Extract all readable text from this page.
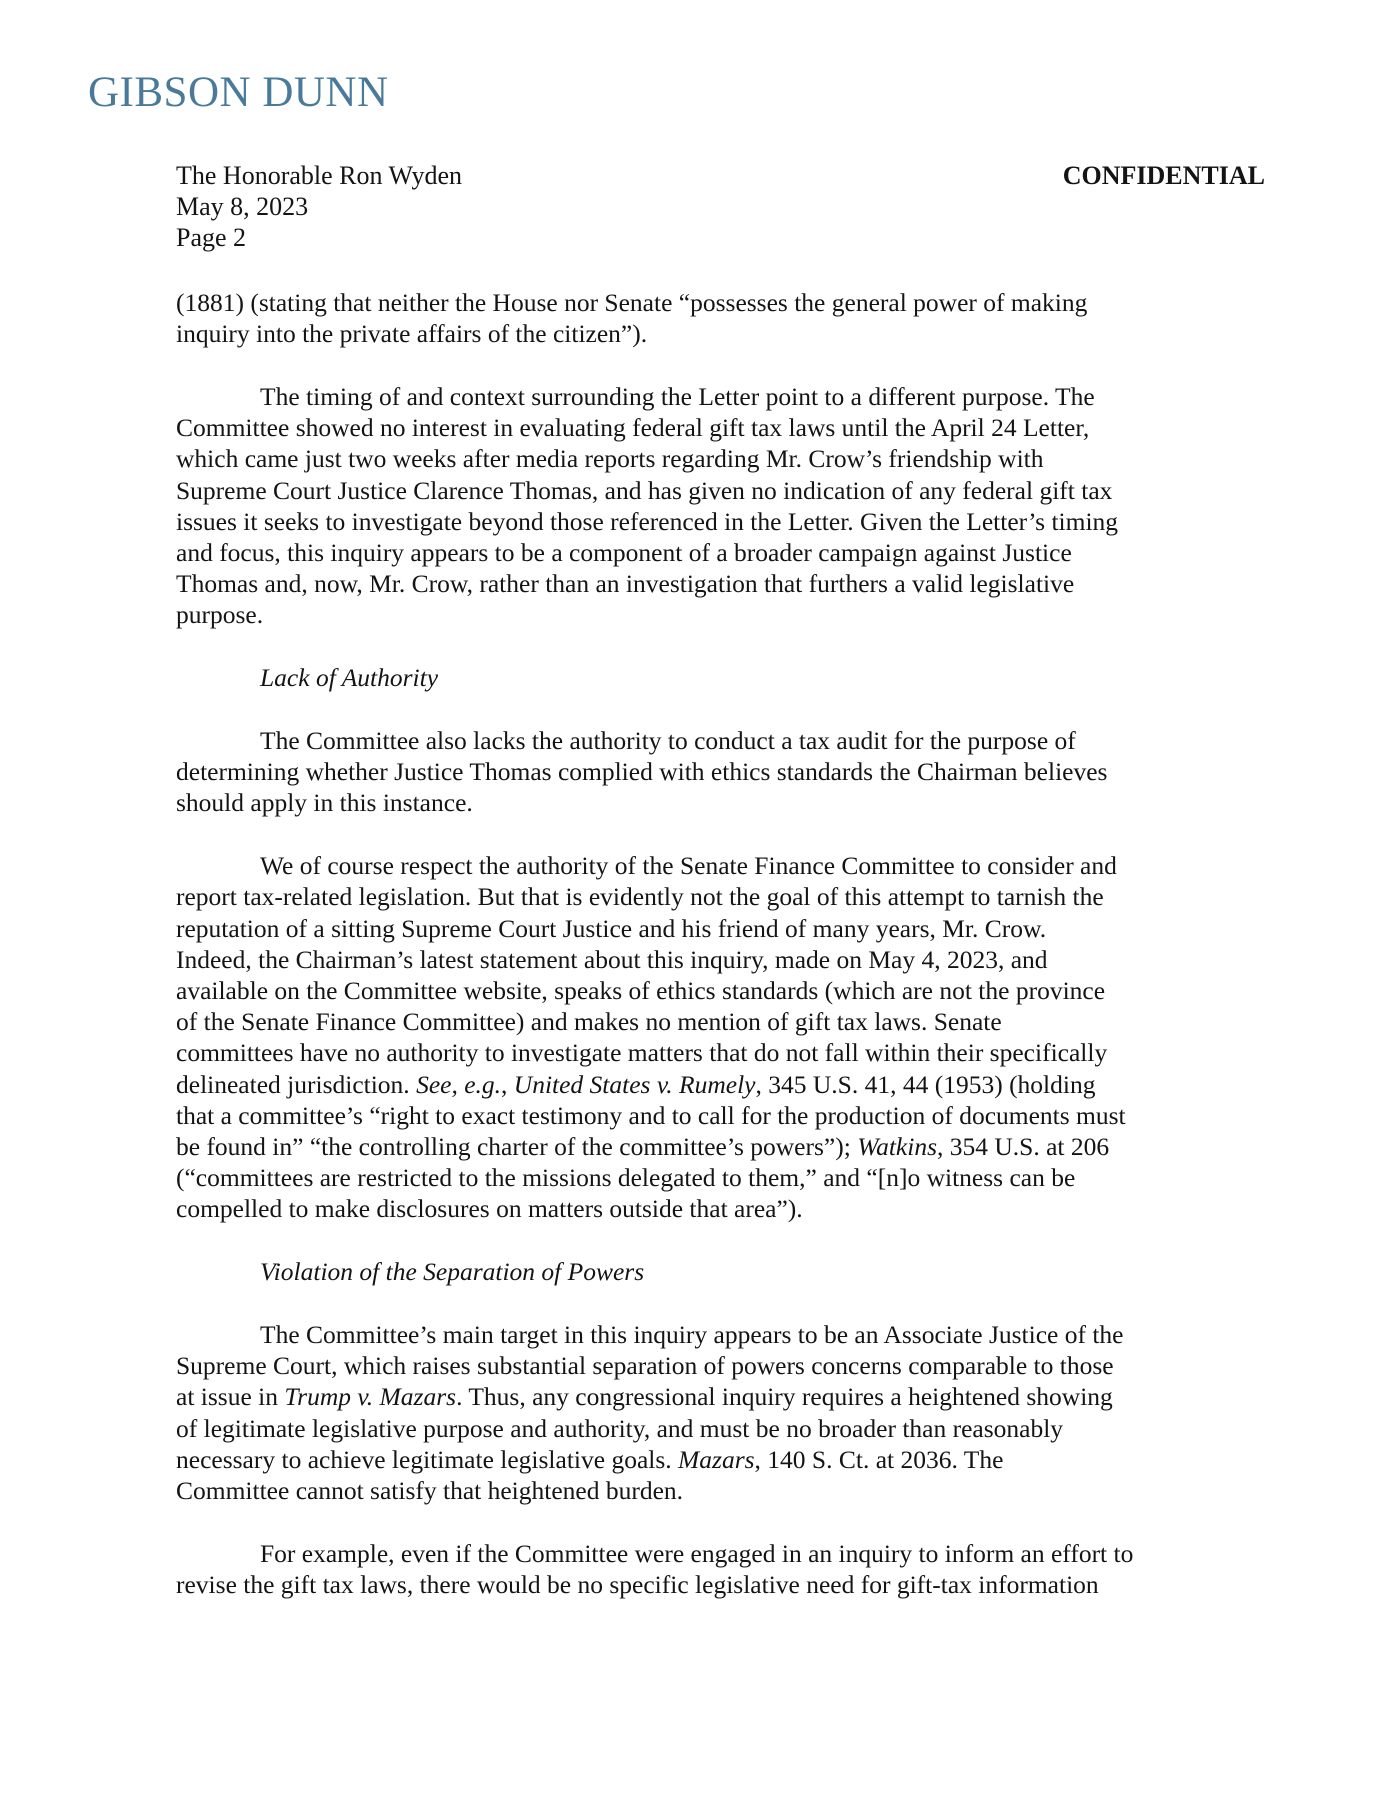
GIBSON DUNN
The Honorable Ron Wyden
May 8, 2023
Page 2
CONFIDENTIAL

(1881) (stating that neither the House nor Senate “possesses the general power of making
inquiry into the private affairs of the citizen”).

The timing of and context surrounding the Letter point to a different purpose. The
Committee showed no interest in evaluating federal gift tax laws until the April 24 Letter,
which came just two weeks after media reports regarding Mr. Crow’s friendship with
Supreme Court Justice Clarence Thomas, and has given no indication of any federal gift tax
issues it seeks to investigate beyond those referenced in the Letter. Given the Letter’s timing
and focus, this inquiry appears to be a component of a broader campaign against Justice
Thomas and, now, Mr. Crow, rather than an investigation that furthers a valid legislative
purpose.

Lack of Authority

The Committee also lacks the authority to conduct a tax audit for the purpose of
determining whether Justice Thomas complied with ethics standards the Chairman believes
should apply in this instance.

We of course respect the authority of the Senate Finance Committee to consider and
report tax-related legislation. But that is evidently not the goal of this attempt to tarnish the
reputation of a sitting Supreme Court Justice and his friend of many years, Mr. Crow.
Indeed, the Chairman’s latest statement about this inquiry, made on May 4, 2023, and
available on the Committee website, speaks of ethics standards (which are not the province
of the Senate Finance Committee) and makes no mention of gift tax laws. Senate
committees have no authority to investigate matters that do not fall within their specifically
delineated jurisdiction. See, e.g., United States v. Rumely, 345 U.S. 41, 44 (1953) (holding
that a committee’s “right to exact testimony and to call for the production of documents must
be found in” “the controlling charter of the committee’s powers”); Watkins, 354 U.S. at 206
(“committees are restricted to the missions delegated to them,” and “[n]o witness can be
compelled to make disclosures on matters outside that area”).

Violation of the Separation of Powers

The Committee’s main target in this inquiry appears to be an Associate Justice of the
Supreme Court, which raises substantial separation of powers concerns comparable to those
at issue in Trump v. Mazars. Thus, any congressional inquiry requires a heightened showing
of legitimate legislative purpose and authority, and must be no broader than reasonably
necessary to achieve legitimate legislative goals. Mazars, 140 S. Ct. at 2036. The
Committee cannot satisfy that heightened burden.

For example, even if the Committee were engaged in an inquiry to inform an effort to
revise the gift tax laws, there would be no specific legislative need for gift-tax information
